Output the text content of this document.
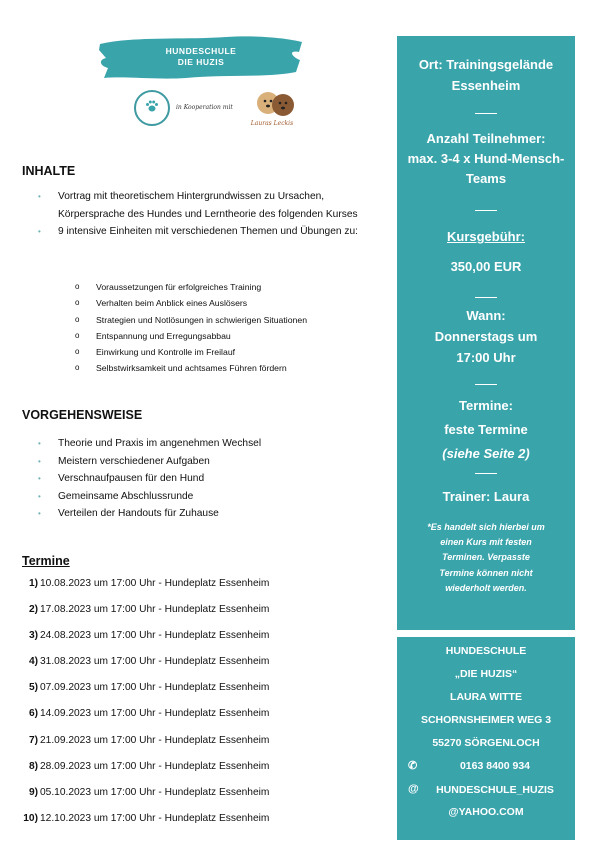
HUNDESCHULE
DIE HUZIS
in Kooperation mit
Lauras Leckis
INHALTE
• Vortrag mit theoretischem Hintergrundwissen zu Ursachen, Körpersprache des Hundes und Lerntheorie des folgenden Kurses
• 9 intensive Einheiten mit verschiedenen Themen und Übungen zu:
o Voraussetzungen für erfolgreiches Training
o Verhalten beim Anblick eines Auslösers
o Strategien und Notlösungen in schwierigen Situationen
o Entspannung und Erregungsabbau
o Einwirkung und Kontrolle im Freilauf
o Selbstwirksamkeit und achtsames Führen fördern
VORGEHENSWEISE
• Theorie und Praxis im angenehmen Wechsel
• Meistern verschiedener Aufgaben
• Verschnaufpausen für den Hund
• Gemeinsame Abschlussrunde
• Verteilen der Handouts für Zuhause
Termine
1) 10.08.2023 um 17:00 Uhr - Hundeplatz Essenheim
2) 17.08.2023 um 17:00 Uhr - Hundeplatz Essenheim
3) 24.08.2023 um 17:00 Uhr - Hundeplatz Essenheim
4) 31.08.2023 um 17:00 Uhr - Hundeplatz Essenheim
5) 07.09.2023 um 17:00 Uhr - Hundeplatz Essenheim
6) 14.09.2023 um 17:00 Uhr - Hundeplatz Essenheim
7) 21.09.2023 um 17:00 Uhr - Hundeplatz Essenheim
8) 28.09.2023 um 17:00 Uhr - Hundeplatz Essenheim
9) 05.10.2023 um 17:00 Uhr - Hundeplatz Essenheim
10) 12.10.2023 um 17:00 Uhr - Hundeplatz Essenheim
Ort: Trainingsgelände
Essenheim
Anzahl Teilnehmer:
max. 3-4 x Hund-Mensch-
Teams
Kursgebühr:
350,00 EUR
Wann:
Donnerstags um
17:00 Uhr
Termine:
feste Termine
(siehe Seite 2)
Trainer: Laura
*Es handelt sich hierbei um
einen Kurs mit festen
Terminen. Verpasste
Termine können nicht
wiederholt werden.
HUNDESCHULE
„DIE HUZIS“
LAURA WITTE
SCHORNSHEIMER WEG 3
55270 SÖRGENLOCH
✆	0163 8400 934
@	HUNDESCHULE_HUZIS
@YAHOO.COM
